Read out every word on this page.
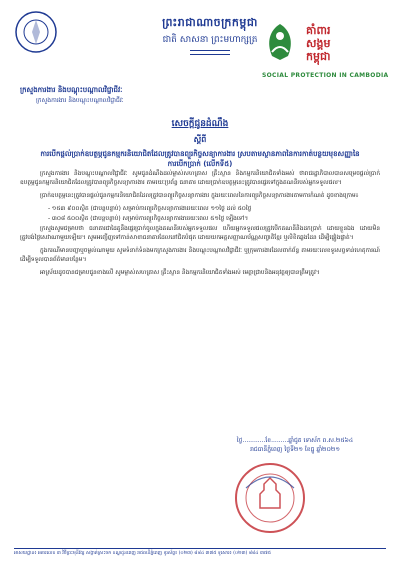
ព្រះរាជាណាចក្រកម្ពុជា
ជាតិ សាសនា ព្រះមហាក្សត្រ
គាំពារ
សង្គម
កម្ពុជា
SOCIAL PROTECTION IN CAMBODIA
ក្រសួងការងារ និងបណ្តុះបណ្តាលវិជ្ជាជីវៈ
ក្រសួងការងារ និងបណ្តុះបណ្តាលវិជ្ជាជីវៈ
សេចក្តីជូនដំណឹង
ស្តីពី
ការបើកផ្តល់ប្រាក់ឧបត្ថម្ភជូនកម្មករនិយោជិតដែលត្រូវបានព្យួរកិច្ចសន្យាការងារ ស្របតាមស្ថានភាពនៃការកាត់បន្ថយមុខសញ្ញានៃការបើកប្រាក់ (លើកទី៥)

ក្រសួងការងារ និងបណ្តុះបណ្តាលវិជ្ជាជីវៈ សូមជូនដំណឹងដល់ម្ចាស់សហគ្រាស គ្រឹះស្ថាន និងកម្មករនិយោជិតទាំងអស់ ថារាជរដ្ឋាភិបាលបានសម្រេចផ្តល់ប្រាក់ឧបត្ថម្ភជូនកម្មករនិយោជិតដែលត្រូវបានព្យួរកិច្ចសន្យាការងារ តាមរយៈប្រព័ន្ធ ធនាគារ ដោយប្រាក់ឧបត្ថម្ភនេះត្រូវបានផ្ទេរទៅក្នុងគណនីរបស់អ្នកទទួលផល។

ប្រាក់ឧបត្ថម្ភនេះត្រូវបានផ្តល់ជូនកម្មករនិយោជិតដែលត្រូវបានព្យួរកិច្ចសន្យាការងារ ក្នុងរយៈពេលនៃការព្យួរកិច្ចសន្យាការងារតាមការកំណត់ ដូចខាងក្រោម៖

- ១៥៣ ៩០០ស្ថិត (ជាបន្តបន្ទាប់) សម្រាប់ការព្យួរកិច្ចសន្យាការងាររយៈពេល ១១ថ្ងៃ ដល់ ៥០ថ្ងៃ

- ៣០៨ ៥០០ស្ថិត (ជាបន្តបន្ទាប់) សម្រាប់ការព្យួរកិច្ចសន្យាការងាររយៈពេល ៥១ថ្ងៃ ឡើងទៅ។

ក្រសួងសូមជម្រាបថា ធនាគារជាដៃគូនឹងផ្ទេរប្រាក់ចូលក្នុងគណនីរបស់អ្នកទទួលផល ហើយអ្នកទទួលផលត្រូវបើកគណនីនិងដកប្រាក់ ដោយខ្លួនឯង ដោយមិនត្រូវបង់ថ្លៃសេវាណាមួយឡើយ។ សូមអញ្ជើញទៅកាន់សាខាធនាគារដែលនៅជិតបំផុត ដោយយកអត្តសញ្ញាណប័ណ្ណសញ្ជាតិខ្មែរ ឬលិខិតឆ្លងដែន ដើម្បីផ្ទៀងផ្ទាត់។

ក្នុងករណីមានបញ្ហាឬចម្ងល់ណាមួយ សូមទំនាក់ទំនងមកក្រសួងការងារ និងបណ្តុះបណ្តាលវិជ្ជាជីវៈ ឬក្រុមការងារដែលពាក់ព័ន្ធ តាមរយៈលេខទូរសព្ទទាន់ហេតុការណ៍ ដើម្បីទទួលបានព័ត៌មានបន្ថែម។

អាស្រ័យដូចបានជម្រាបជូនខាងលើ សូមម្ចាស់សហគ្រាស គ្រឹះស្ថាន និងកម្មករនិយោជិតទាំងអស់ មេត្តាជ្រាបនិងអនុវត្តឲ្យបានត្រឹមត្រូវ។

ថ្ងៃ............ខែ.........ឆ្នាំជូត ទោស័ក ព.ស.២៥៦៤
រាជធានីភ្នំពេញ ថ្ងៃទី២១ ខែធ្នូ ឆ្នាំ២០២១
អាសយដ្ឋាន៖ អគារលេខ ៣ វិថីព្រះមុនីវង្ស សង្កាត់ស្រះចក ខណ្ឌដូនពេញ រាជធានីភ្នំពេញ ទូរស័ព្ទ៖ (០២៣) ៨៨៤ ៣៧៥ ទូរសារ៖ (០២៣) ៨៨៤ ៣៧៥
